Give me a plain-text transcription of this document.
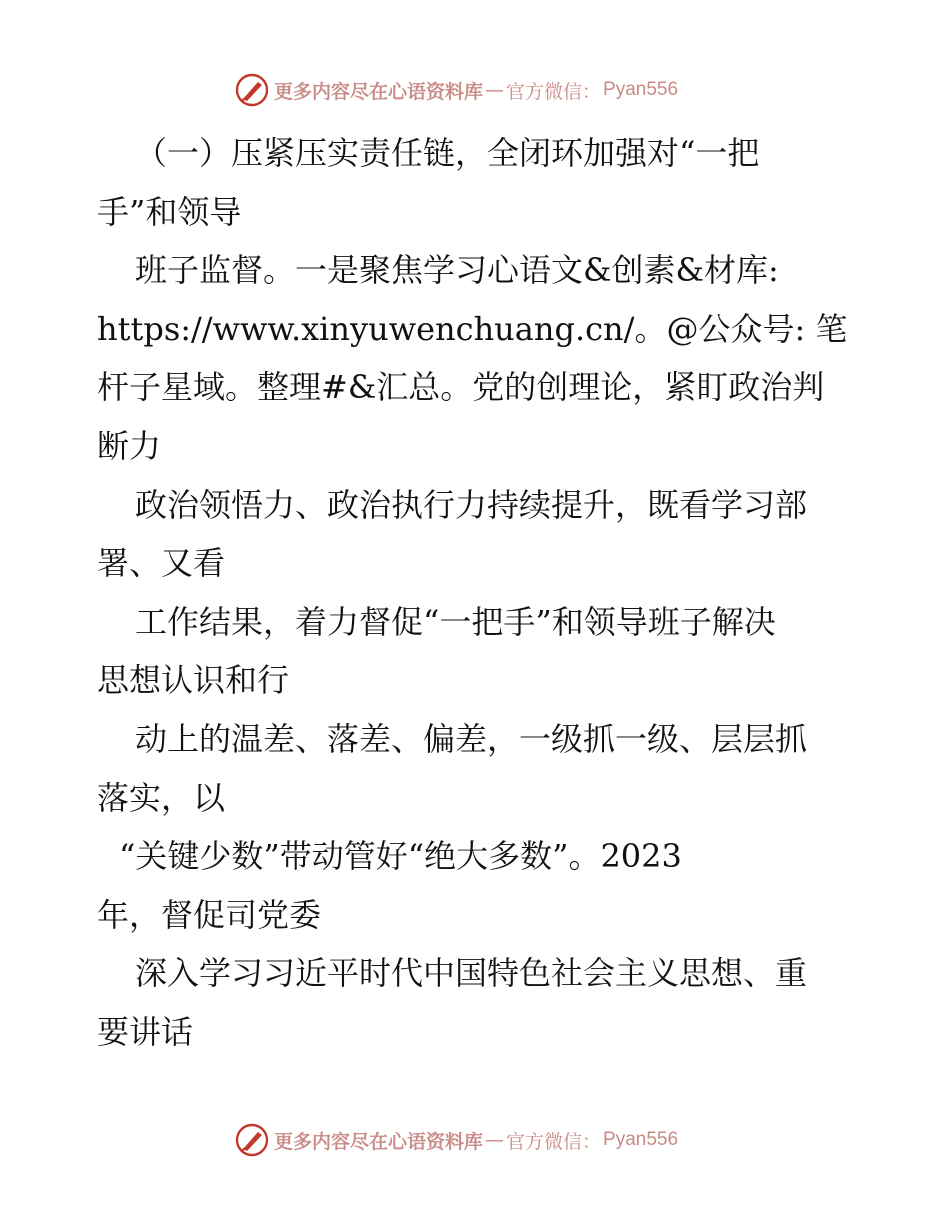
更多内容尽在心语资料库 — 官方微信： Pyan556
（一）压紧压实责任链，全闭环加强对“一把
手”和领导
班子监督。一是聚焦学习心语文&创素&材库:
https://www.xinyuwenchuang.cn/。@公众号: 笔
杆子星域。整理#&汇总。党的创理论，紧盯政治判
断力
政治领悟力、政治执行力持续提升，既看学习部
署、又看
工作结果，着力督促“一把手”和领导班子解决
思想认识和行
动上的温差、落差、偏差，一级抓一级、层层抓
落实，以
“关键少数”带动管好“绝大多数”。2023
年，督促司党委
深入学习习近平时代中国特色社会主义思想、重
要讲话
更多内容尽在心语资料库 — 官方微信： Pyan556
